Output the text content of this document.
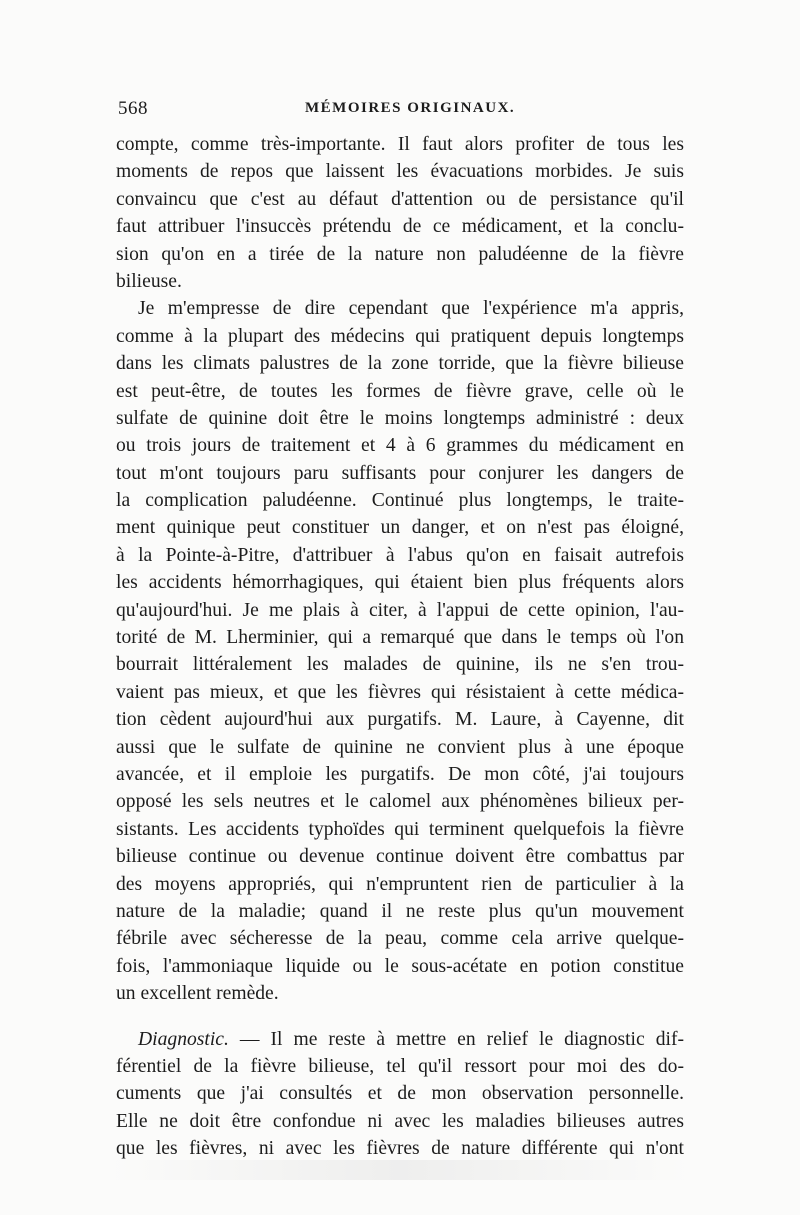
568	MÉMOIRES ORIGINAUX.
compte, comme très-importante. Il faut alors profiter de tous les
moments de repos que laissent les évacuations morbides. Je suis
convaincu que c'est au défaut d'attention ou de persistance qu'il
faut attribuer l'insuccès prétendu de ce médicament, et la conclu-
sion qu'on en a tirée de la nature non paludéenne de la fièvre
bilieuse.
Je m'empresse de dire cependant que l'expérience m'a appris,
comme à la plupart des médecins qui pratiquent depuis longtemps
dans les climats palustres de la zone torride, que la fièvre bilieuse
est peut-être, de toutes les formes de fièvre grave, celle où le
sulfate de quinine doit être le moins longtemps administré : deux
ou trois jours de traitement et 4 à 6 grammes du médicament en
tout m'ont toujours paru suffisants pour conjurer les dangers de
la complication paludéenne. Continué plus longtemps, le traite-
ment quinique peut constituer un danger, et on n'est pas éloigné,
à la Pointe-à-Pitre, d'attribuer à l'abus qu'on en faisait autrefois
les accidents hémorrhagiques, qui étaient bien plus fréquents alors
qu'aujourd'hui. Je me plais à citer, à l'appui de cette opinion, l'au-
torité de M. Lherminier, qui a remarqué que dans le temps où l'on
bourrait littéralement les malades de quinine, ils ne s'en trou-
vaient pas mieux, et que les fièvres qui résistaient à cette médica-
tion cèdent aujourd'hui aux purgatifs. M. Laure, à Cayenne, dit
aussi que le sulfate de quinine ne convient plus à une époque
avancée, et il emploie les purgatifs. De mon côté, j'ai toujours
opposé les sels neutres et le calomel aux phénomènes bilieux per-
sistants. Les accidents typhoïdes qui terminent quelquefois la fièvre
bilieuse continue ou devenue continue doivent être combattus par
des moyens appropriés, qui n'empruntent rien de particulier à la
nature de la maladie; quand il ne reste plus qu'un mouvement
fébrile avec sécheresse de la peau, comme cela arrive quelque-
fois, l'ammoniaque liquide ou le sous-acétate en potion constitue
un excellent remède.
Diagnostic. — Il me reste à mettre en relief le diagnostic dif-
férentiel de la fièvre bilieuse, tel qu'il ressort pour moi des do-
cuments que j'ai consultés et de mon observation personnelle.
Elle ne doit être confondue ni avec les maladies bilieuses autres
que les fièvres, ni avec les fièvres de nature différente qui n'ont
